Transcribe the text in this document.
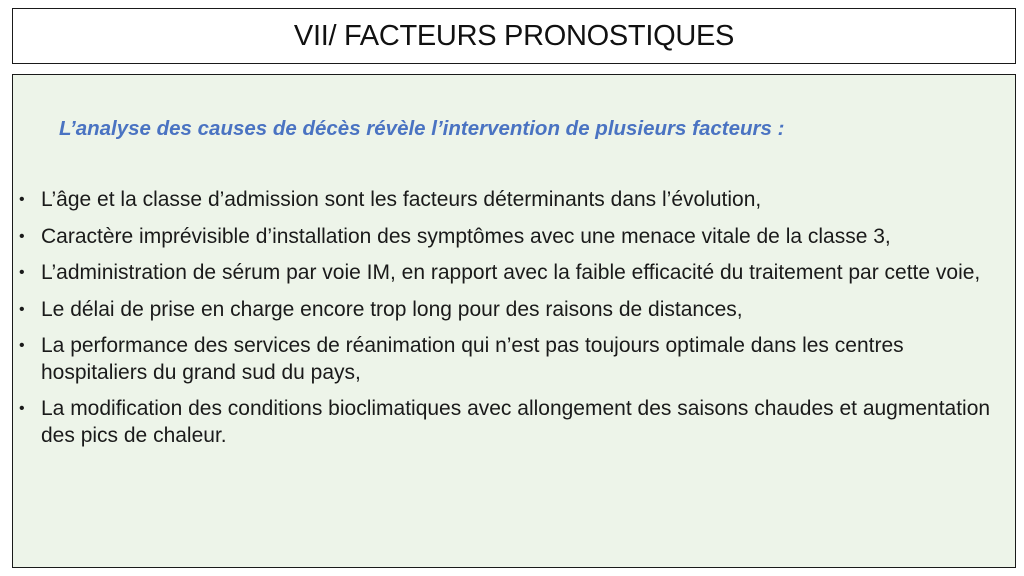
VII/ FACTEURS PRONOSTIQUES
L’analyse des causes de décès révèle l’intervention de plusieurs facteurs :
• L’âge et la classe d’admission sont les facteurs déterminants dans l’évolution,
• Caractère imprévisible d’installation des symptômes avec une menace vitale de la classe 3,
• L’administration de sérum par voie IM, en rapport avec la faible efficacité du traitement par cette voie,
• Le délai de prise en charge encore trop long pour des raisons de distances,
• La performance des services de réanimation qui n’est pas toujours optimale dans les centres hospitaliers du grand sud du pays,
• La modification des conditions bioclimatiques avec allongement des saisons chaudes et augmentation des pics de chaleur.
